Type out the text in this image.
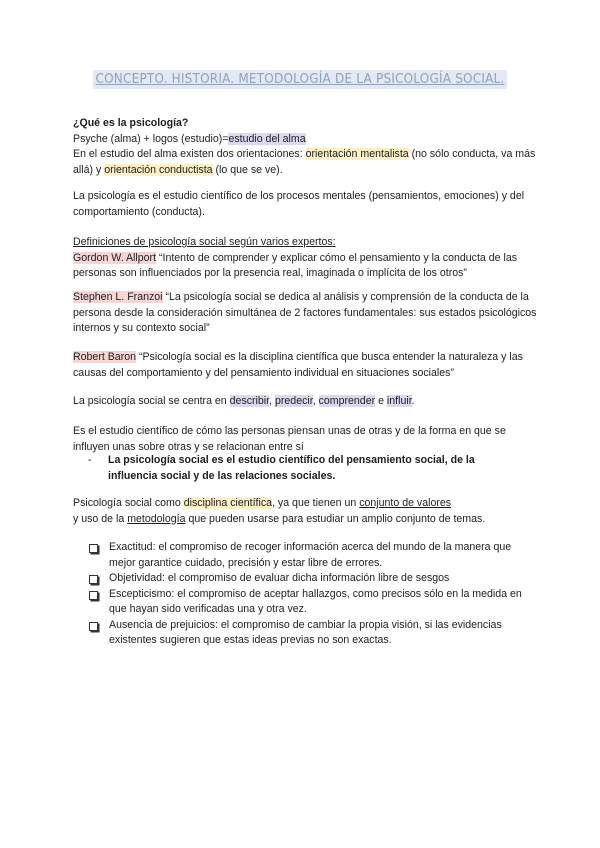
CONCEPTO. HISTORIA. METODOLOGÍA DE LA PSICOLOGÍA SOCIAL.
¿Qué es la psicología?
Psyche (alma) + logos (estudio)=estudio del alma
En el estudio del alma existen dos orientaciones: orientación mentalista (no sólo conducta, va más allá) y orientación conductista (lo que se ve).
La psicología es el estudio científico de los procesos mentales (pensamientos, emociones) y del comportamiento (conducta).

Definiciones de psicología social según varios expertos:

Gordon W. Allport “Intento de comprender y explicar cómo el pensamiento y la conducta de las personas son influenciados por la presencia real, imaginada o implícita de los otros”

Stephen L. Franzoi “La psicología social se dedica al análisis y comprensión de la conducta de la persona desde la consideración simultánea de 2 factores fundamentales: sus estados psicológicos internos y su contexto social”

Robert Baron “Psicología social es la disciplina científica que busca entender la naturaleza y las causas del comportamiento y del pensamiento individual en situaciones sociales”

La psicología social se centra en describir, predecir, comprender e influir.
Es el estudio científico de cómo las personas piensan unas de otras y de la forma en que se influyen unas sobre otras y se relacionan entre sí
- La psicología social es el estudio científico del pensamiento social, de la influencia social y de las relaciones sociales.
Psicología social como disciplina científica, ya que tienen un conjunto de valores
y uso de la metodología que pueden usarse para estudiar un amplio conjunto de temas.
Exactitud: el compromiso de recoger información acerca del mundo de la manera que mejor garantice cuidado, precisión y estar libre de errores.
Objetividad: el compromiso de evaluar dicha información libre de sesgos
Escepticismo: el compromiso de aceptar hallazgos, como precisos sólo en la medida en que hayan sido verificadas una y otra vez.
Ausencia de prejuicios: el compromiso de cambiar la propia visión, si las evidencias existentes sugieren que estas ideas previas no son exactas.
